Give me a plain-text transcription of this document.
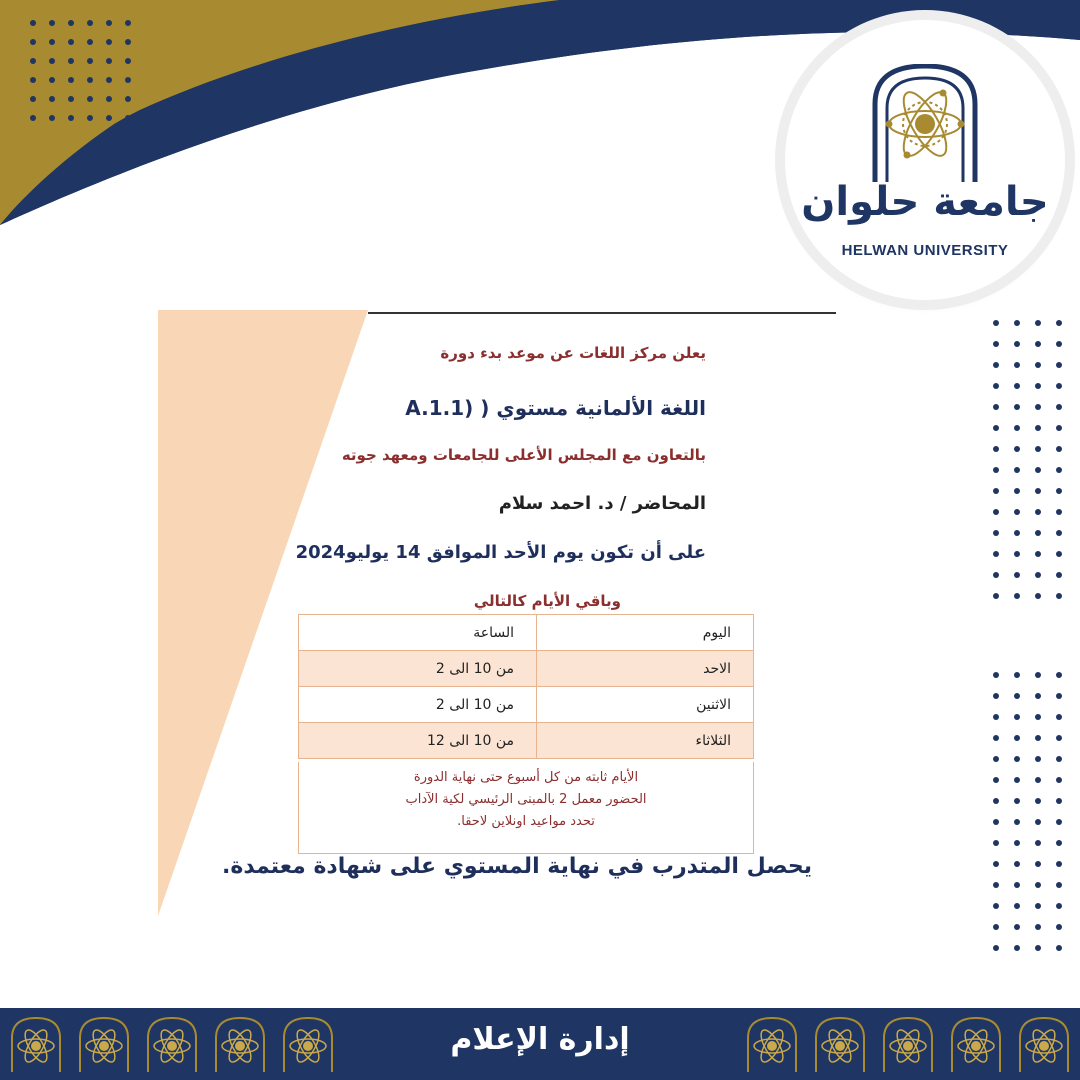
جامعة حلوان
HELWAN UNIVERSITY
يعلن مركز اللغات عن موعد بدء دورة
اللغة الألمانية مستوي ( (A.1.1
بالتعاون مع المجلس الأعلى للجامعات ومعهد جوته
المحاضر / د. احمد سلام
على أن تكون يوم الأحد الموافق 14 يوليو2024
وباقي الأيام كالتالي
اليوم	الساعة
الاحد	من 10 الى 2
الاثنين	من 10 الى 2
الثلاثاء	من 10 الى 12
الأيام ثابته من كل أسبوع حتى نهاية الدورة
الحضور معمل 2 بالمبنى الرئيسي لكية الآداب
تحدد مواعيد اونلاين لاحقا.
يحصل المتدرب في نهاية المستوي على شهادة معتمدة.
إدارة الإعلام
